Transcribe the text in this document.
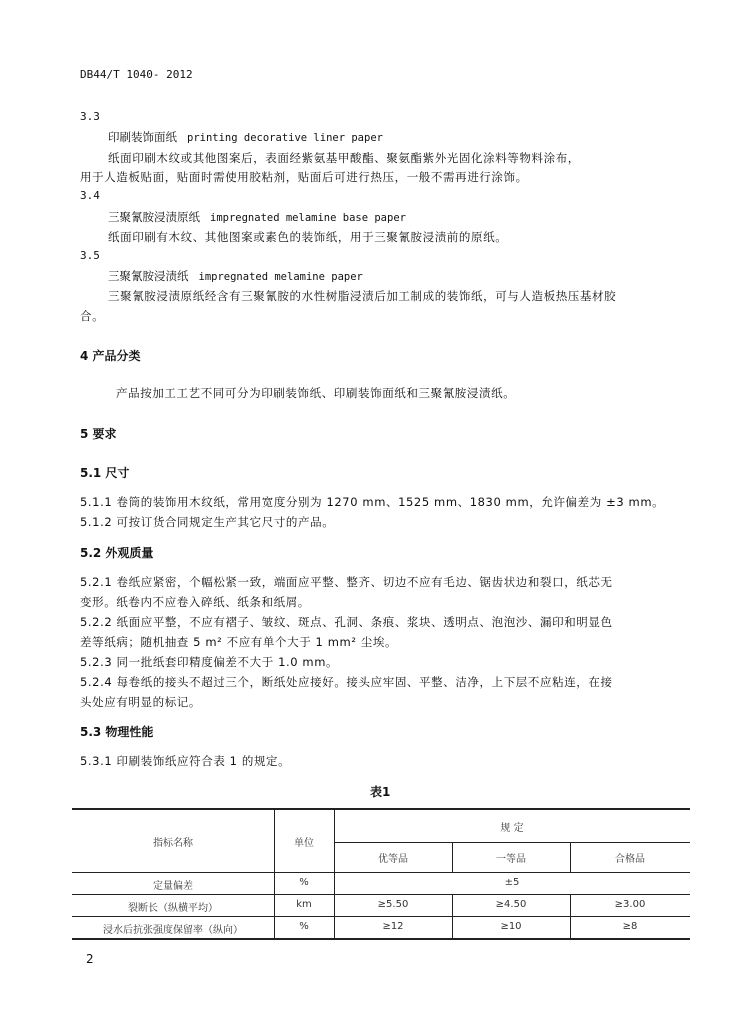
DB44/T 1040- 2012
3.3
印刷装饰面纸 printing decorative liner paper
纸面印刷木纹或其他图案后，表面经紫氨基甲酸酯、聚氨酯紫外光固化涂料等物料涂布，
用于人造板贴面，贴面时需使用胶粘剂，贴面后可进行热压，一般不需再进行涂饰。
3.4
三聚氰胺浸渍原纸 impregnated melamine base paper
纸面印刷有木纹、其他图案或素色的装饰纸，用于三聚氰胺浸渍前的原纸。
3.5
三聚氰胺浸渍纸 impregnated melamine paper
三聚氰胺浸渍原纸经含有三聚氰胺的水性树脂浸渍后加工制成的装饰纸，可与人造板热压基材胶
合。
4 产品分类
产品按加工工艺不同可分为印刷装饰纸、印刷装饰面纸和三聚氰胺浸渍纸。
5 要求
5.1 尺寸
5.1.1 卷筒的装饰用木纹纸，常用宽度分别为 1270 mm、1525 mm、1830 mm，允许偏差为 ±3 mm。
5.1.2 可按订货合同规定生产其它尺寸的产品。
5.2 外观质量
5.2.1 卷纸应紧密，个幅松紧一致，端面应平整、整齐、切边不应有毛边、锯齿状边和裂口，纸芯无
变形。纸卷内不应卷入碎纸、纸条和纸屑。
5.2.2 纸面应平整，不应有褶子、皱纹、斑点、孔洞、条痕、浆块、透明点、泡泡沙、漏印和明显色
差等纸病；随机抽查 5 m² 不应有单个大于 1 mm² 尘埃。
5.2.3 同一批纸套印精度偏差不大于 1.0 mm。
5.2.4 每卷纸的接头不超过三个，断纸处应接好。接头应牢固、平整、洁净，上下层不应粘连，在接
头处应有明显的标记。
5.3 物理性能
5.3.1 印刷装饰纸应符合表 1 的规定。
表1
指标名称	单位
规 定
优等品	一等品	合格品
定量偏差	%	±5
裂断长（纵横平均）	km	≥5.50	≥4.50	≥3.00
浸水后抗张强度保留率（纵向）	%	≥12	≥10	≥8
2
